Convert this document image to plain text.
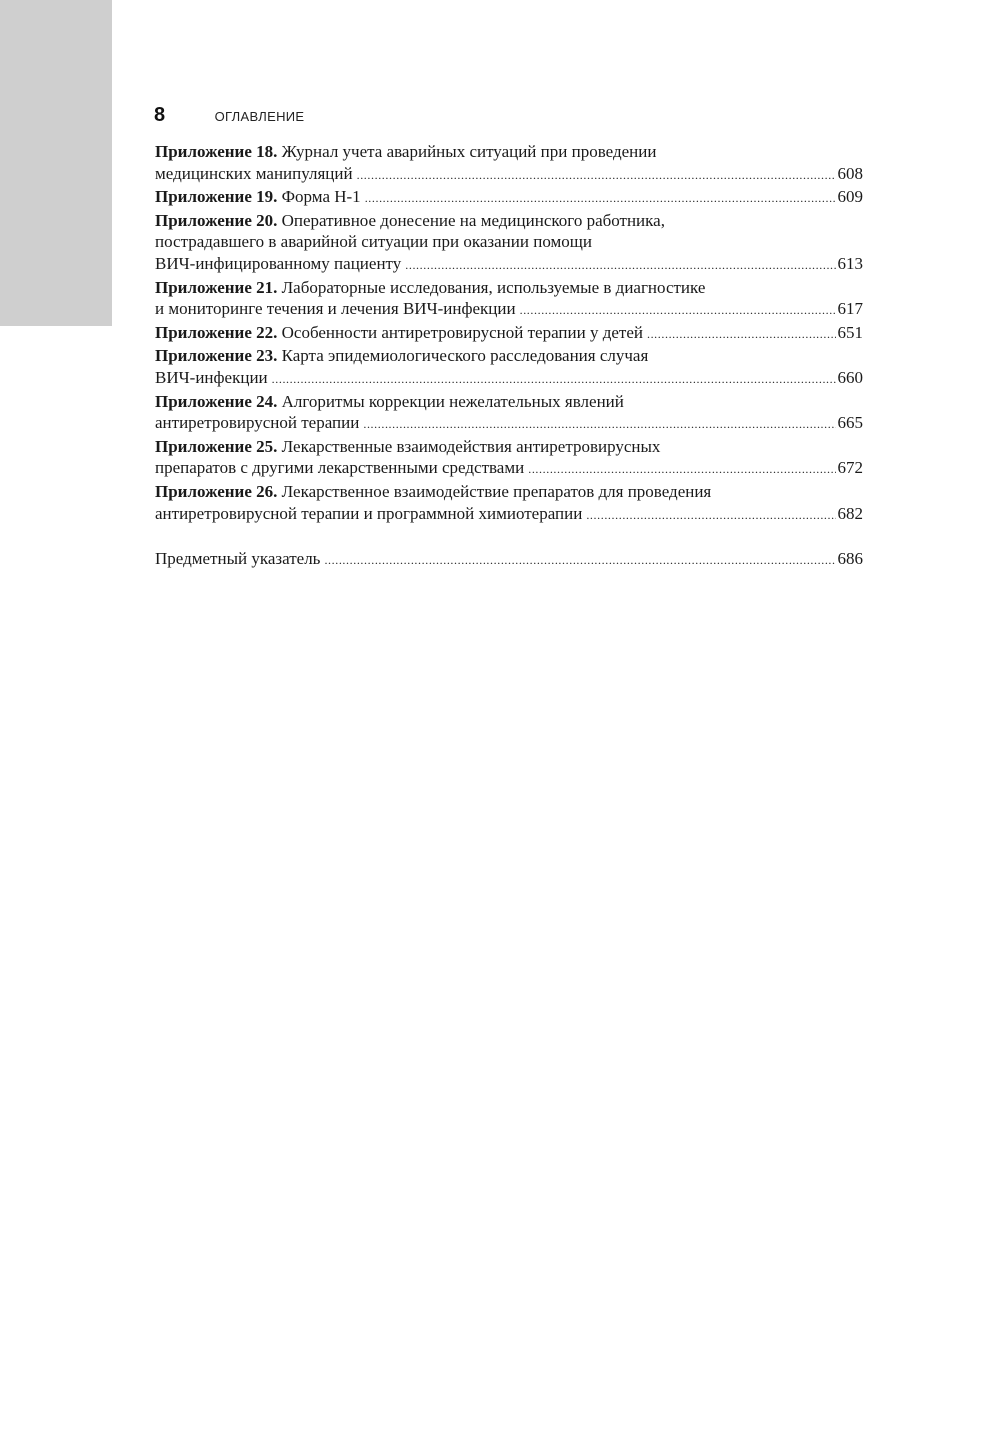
8	ОГЛАВЛЕНИЕ
Приложение 18. Журнал учета аварийных ситуаций при проведении
медицинских манипуляций .....	608
Приложение 19. Форма Н-1 .....	609
Приложение 20. Оперативное донесение на медицинского работника,
пострадавшего в аварийной ситуации при оказании помощи
ВИЧ-инфицированному пациенту .....	613
Приложение 21. Лабораторные исследования, используемые в диагностике
и мониторинге течения и лечения ВИЧ-инфекции .....	617
Приложение 22. Особенности антиретровирусной терапии у детей .....	651
Приложение 23. Карта эпидемиологического расследования случая
ВИЧ-инфекции .....	660
Приложение 24. Алгоритмы коррекции нежелательных явлений
антиретровирусной терапии .....	665
Приложение 25. Лекарственные взаимодействия антиретровирусных
препаратов с другими лекарственными средствами .....	672
Приложение 26. Лекарственное взаимодействие препаратов для проведения
антиретровирусной терапии и программной химиотерапии .....	682
Предметный указатель .....	686
